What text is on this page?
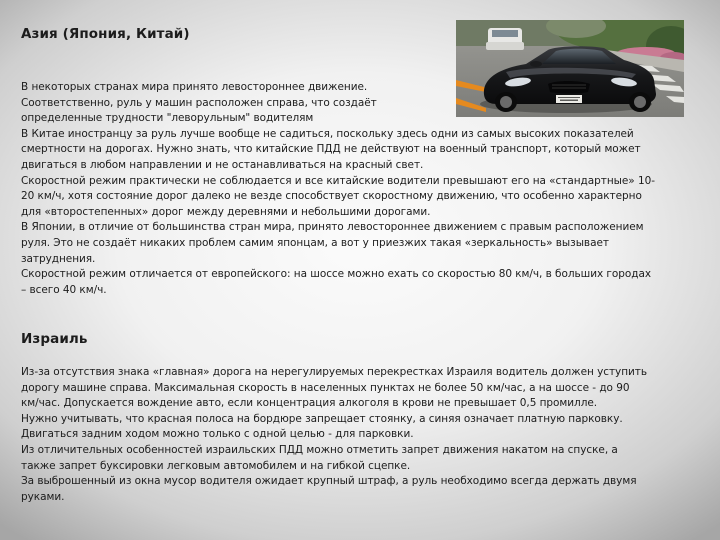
Азия (Япония, Китай)
В некоторых странах мира принято левостороннее движение.
Соответственно, руль у машин расположен справа, что создаёт
определенные трудности "леворульным" водителям
В Китае иностранцу за руль лучше вообще не садиться, поскольку здесь одни из самых высоких показателей
смертности на дорогах. Нужно знать, что китайские ПДД не действуют на военный транспорт, который может
двигаться в любом направлении и не останавливаться на красный свет.
Скоростной режим практически не соблюдается и все китайские водители превышают его на «стандартные» 10-
20 км/ч, хотя состояние дорог далеко не везде способствует скоростному движению, что особенно характерно
для «второстепенных» дорог между деревнями и небольшими дорогами.
В Японии, в отличие от большинства стран мира, принято левостороннее движением с правым расположением
руля. Это не создаёт никаких проблем самим японцам, а вот у приезжих такая «зеркальность» вызывает
затруднения.
Скоростной режим отличается от европейского: на шоссе можно ехать со скоростью 80 км/ч, в больших городах
– всего 40 км/ч.
Израиль
Из-за отсутствия знака «главная» дорога на нерегулируемых перекрестках Израиля водитель должен уступить
дорогу машине справа. Максимальная скорость в населенных пунктах не более 50 км/час, а на шоссе - до 90
км/час. Допускается вождение авто, если концентрация алкоголя в крови не превышает 0,5 промилле.
Нужно учитывать, что красная полоса на бордюре запрещает стоянку, а синяя означает платную парковку.
Двигаться задним ходом можно только с одной целью - для парковки.
Из отличительных особенностей израильских ПДД можно отметить запрет движения накатом на спуске, а
также запрет буксировки легковым автомобилем и на гибкой сцепке.
За выброшенный из окна мусор водителя ожидает крупный штраф, а руль необходимо всегда держать двумя
руками.
